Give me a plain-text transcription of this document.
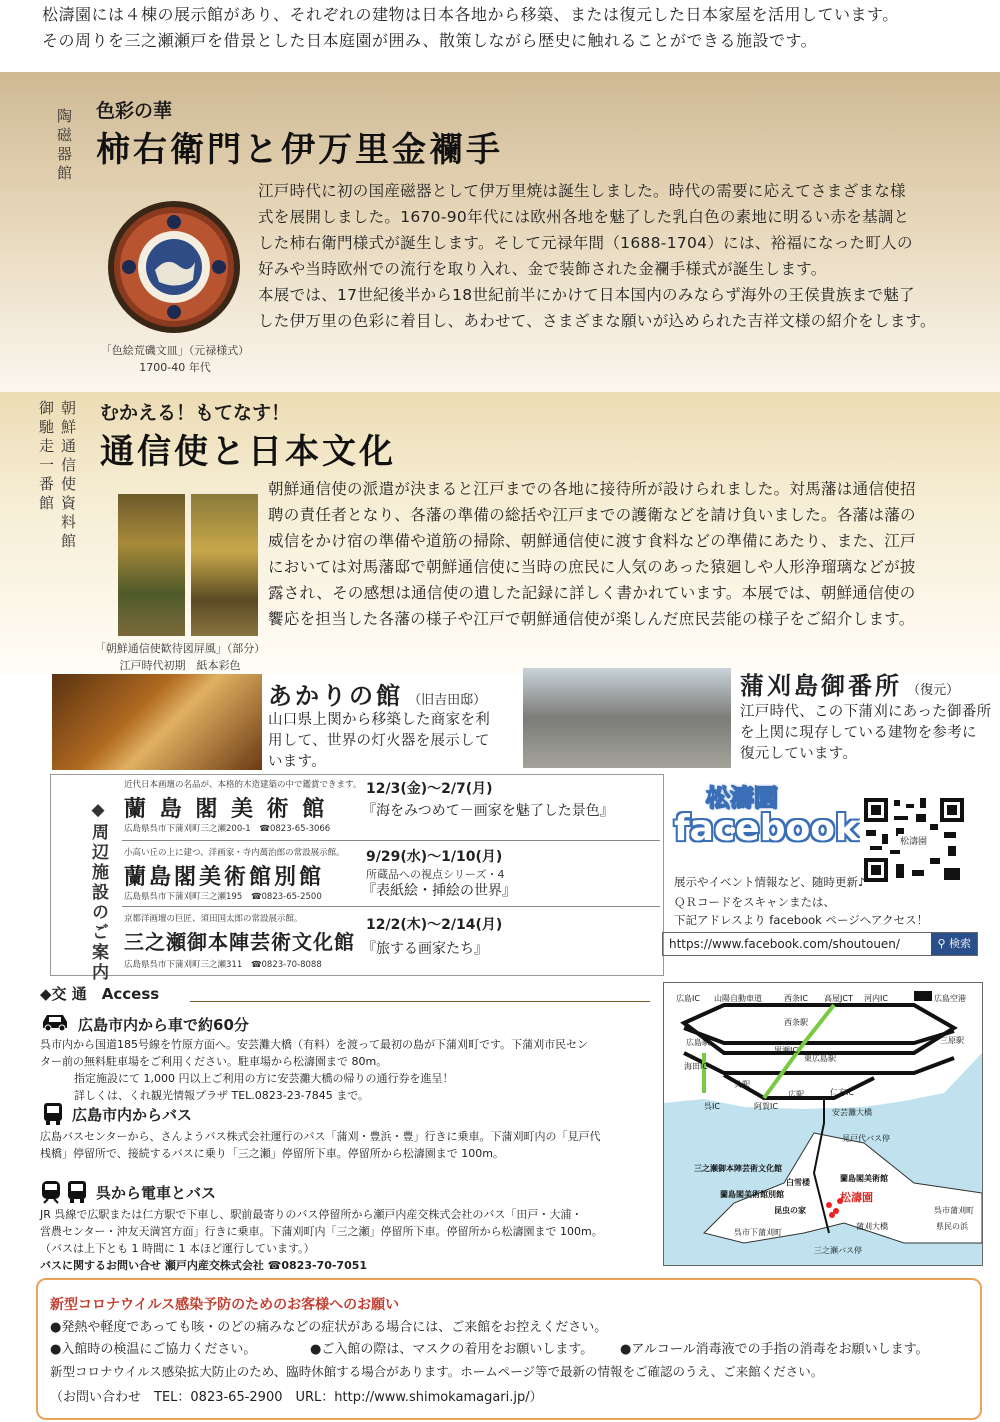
松濤園には４棟の展示館があり、それぞれの建物は日本各地から移築、または復元した日本家屋を活用しています。

その周りを三之瀬瀬戸を借景とした日本庭園が囲み、散策しながら歴史に触れることができる施設です。

陶磁器館 色彩の華
柿右衛門と伊万里金襴手
「色絵荒磯文皿」（元禄様式）
1700-40 年代
江戸時代に初の国産磁器として伊万里焼は誕生しました。時代の需要に応えてさまざまな様
式を展開しました。1670-90年代には欧州各地を魅了した乳白色の素地に明るい赤を基調と
した柿右衛門様式が誕生します。そして元禄年間（1688-1704）には、裕福になった町人の
好みや当時欧州での流行を取り入れ、金で装飾された金襴手様式が誕生します。
本展では、17世紀後半から18世紀前半にかけて日本国内のみならず海外の王侯貴族まで魅了
した伊万里の色彩に着目し、あわせて、さまざまな願いが込められた吉祥文様の紹介をします。
朝鮮通信使資料館
御馳走一番館 むかえる！もてなす！
通信使と日本文化
「朝鮮通信使歓待図屏風」（部分）
江戸時代初期　紙本彩色
朝鮮通信使の派遣が決まると江戸までの各地に接待所が設けられました。対馬藩は通信使招
聘の責任者となり、各藩の準備の総括や江戸までの護衛などを請け負いました。各藩は藩の
威信をかけ宿の準備や道筋の掃除、朝鮮通信使に渡す食料などの準備にあたり、また、江戸
においては対馬藩邸で朝鮮通信使に当時の庶民に人気のあった猿廻しや人形浄瑠璃などが披
露され、その感想は通信使の遺した記録に詳しく書かれています。本展では、朝鮮通信使の
饗応を担当した各藩の様子や江戸で朝鮮通信使が楽しんだ庶民芸能の様子をご紹介します。
あかりの館 （旧吉田邸）
山口県上関から移築した商家を利
用して、世界の灯火器を展示して
います。
蒲刈島御番所 （復元）
江戸時代、この下蒲刈にあった御番所
を上関に現存している建物を参考に
復元しています。
◆周辺施設のご案内
近代日本画壇の名品が、本格的木造建築の中で鑑賞できます。
蘭 島 閣 美 術 館
広島県呉市下蒲刈町三之瀬200-1 ☎0823-65-3066
12/3(金)～2/7(月)
『海をみつめて－画家を魅了した景色』
小高い丘の上に建つ、洋画家・寺内萬治郎の常設展示館。
蘭島閣美術館別館
広島県呉市下蒲刈町三之瀬195 ☎0823-65-2500
9/29(水)～1/10(月)
所蔵品への視点シリーズ・4
『表紙絵・挿絵の世界』
京都洋画壇の巨匠、須田国太郎の常設展示館。
三之瀬御本陣芸術文化館
広島県呉市下蒲刈町三之瀬311 ☎0823-70-8088
12/2(木)～2/14(月)
『旅する画家たち』
松濤園
facebook	松濤園
展示やイベント情報など、随時更新♪
ＱＲコードをスキャンまたは、
下記アドレスより facebook ページへアクセス！
https://www.facebook.com/shoutouen/	⚲ 検索
◆交 通　Access
広島市内から車で約60分
呉市内から国道185号線を竹原方面へ。安芸灘大橋（有料）を渡って最初の島が下蒲刈町です。下蒲刈市民セン
ター前の無料駐車場をご利用ください。駐車場から松濤園まで 80m。
指定施設にて 1,000 円以上ご利用の方に安芸灘大橋の帰りの通行券を進呈！
詳しくは、くれ観光情報プラザ TEL.0823-23-7845 まで。
広島市内からバス
広島バスセンターから、さんようバス株式会社運行のバス「蒲刈・豊浜・豊」行きに乗車。下蒲刈町内の「見戸代
桟橋」停留所で、接続するバスに乗り「三之瀬」停留所下車。停留所から松濤園まで 100m。
呉から電車とバス
JR 呉線で広駅または仁方駅で下車し、駅前最寄りのバス停留所から瀬戸内産交株式会社のバス「田戸・大浦・
営農センター・沖友天満宮方面」行きに乗車。下蒲刈町内「三之瀬」停留所下車。停留所から松濤園まで 100m。
（バスは上下とも 1 時間に 1 本ほど運行しています。）
バスに関するお問い合せ 瀬戸内産交株式会社 ☎0823-70-7051
広島IC 山陽自動車道	西条IC 高屋JCT 河内IC	広島空港
西条駅
広島駅
黒瀬IC
東広島駅
三原駅
海田IC
呉駅
広駅	仁方IC
呉IC	阿賀IC
安芸灘大橋
見戸代バス停
三之瀬御本陣芸術文化館
蘭島閣美術館
白雪楼
蘭島閣美術館別館	松濤園
昆虫の家
呉市下蒲刈町
蒲刈大橋
三之瀬バス停
呉市蒲刈町
県民の浜
新型コロナウイルス感染予防のためのお客様へのお願い
●発熱や軽度であっても咳・のどの痛みなどの症状がある場合には、ご来館をお控えください。
●入館時の検温にご協力ください。	●ご入館の際は、マスクの着用をお願いします。 ●アルコール消毒液での手指の消毒をお願いします。
新型コロナウイルス感染拡大防止のため、臨時休館する場合があります。ホームページ等で最新の情報をご確認のうえ、ご来館ください。
（お問い合わせ　TEL：0823-65-2900　URL：http://www.shimokamagari.jp/）
